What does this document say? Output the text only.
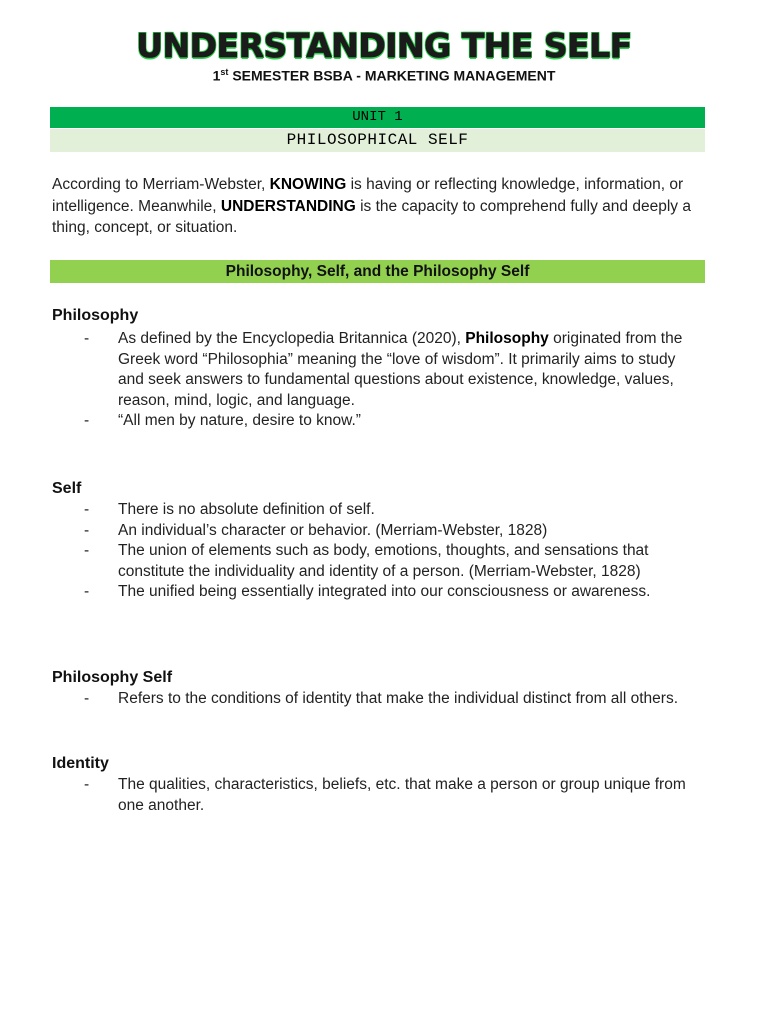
UNDERSTANDING THE SELF
1st SEMESTER BSBA - MARKETING MANAGEMENT
UNIT 1
PHILOSOPHICAL SELF
According to Merriam-Webster, KNOWING is having or reflecting knowledge, information, or intelligence. Meanwhile, UNDERSTANDING is the capacity to comprehend fully and deeply a thing, concept, or situation.
Philosophy, Self, and the Philosophy Self
Philosophy
- As defined by the Encyclopedia Britannica (2020), Philosophy originated from the Greek word “Philosophia” meaning the “love of wisdom”. It primarily aims to study and seek answers to fundamental questions about existence, knowledge, values, reason, mind, logic, and language.
- “All men by nature, desire to know.”
Self
- There is no absolute definition of self.
- An individual’s character or behavior. (Merriam-Webster, 1828)
- The union of elements such as body, emotions, thoughts, and sensations that constitute the individuality and identity of a person. (Merriam-Webster, 1828)
- The unified being essentially integrated into our consciousness or awareness.
Philosophy Self
- Refers to the conditions of identity that make the individual distinct from all others.
Identity
- The qualities, characteristics, beliefs, etc. that make a person or group unique from one another.
